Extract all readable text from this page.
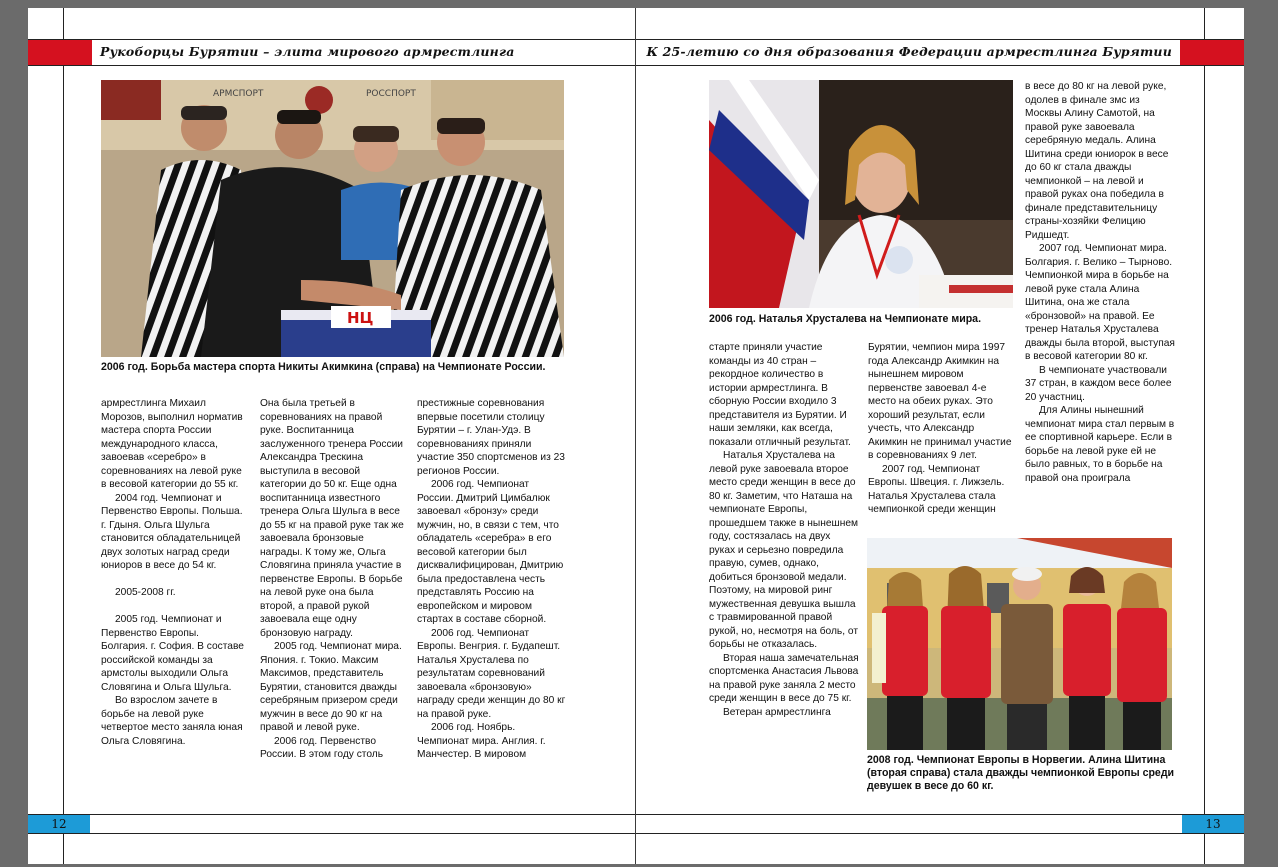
Рукоборцы Бурятии – элита мирового армрестлинга
АРМСПОРТ	РОССПОРТ
НЦ
2006 год. Борьба мастера спорта Никиты Акимкина (справа) на Чемпионате России.

армрестлинга Михаил Морозов, выполнил норматив мастера спорта России международного класса, завоевав «серебро» в соревнованиях на левой руке в весовой категории до 55 кг.

2004 год. Чемпионат и Первенство Европы. Польша. г. Гдыня. Ольга Шульга становится обладательницей двух золотых наград среди юниоров в весе до 54 кг.

2005-2008 гг.

2005 год. Чемпионат и Первенство Европы. Болгария. г. София. В составе российской команды за армстолы выходили Ольга Словягина и Ольга Шульга.

Во взрослом зачете в борьбе на левой руке четвертое место заняла юная Ольга Словягина.

Она была третьей в соревнованиях на правой руке. Воспитанница заслуженного тренера России Александра Трескина выступила в весовой категории до 50 кг. Еще одна воспитанница известного тренера Ольга Шульга в весе до 55 кг на правой руке так же завоевала бронзовые награды. К тому же, Ольга Словягина приняла участие в первенстве Европы. В борьбе на левой руке она была второй, а правой рукой завоевала еще одну бронзовую награду.

2005 год. Чемпионат мира. Япония. г. Токио. Максим Максимов, представитель Бурятии, становится дважды серебряным призером среди мужчин в весе до 90 кг на правой и левой руке.

2006 год. Первенство России. В этом году столь

престижные соревнования впервые посетили столицу Бурятии – г. Улан-Удэ. В соревнованиях приняли участие 350 спортсменов из 23 регионов России.

2006 год. Чемпионат России. Дмитрий Цимбалюк завоевал «бронзу» среди мужчин, но, в связи с тем, что обладатель «серебра» в его весовой категории был дисквалифицирован, Дмитрию была предоставлена честь представлять Россию на европейском и мировом стартах в составе сборной.

2006 год. Чемпионат Европы. Венгрия. г. Будапешт. Наталья Хрусталева по результатам соревнований завоевала «бронзовую» награду среди женщин до 80 кг на правой руке.

2006 год. Ноябрь. Чемпионат мира. Англия. г. Манчестер. В мировом

12
К 25-летию со дня образования Федерации армрестлинга Бурятии
2006 год. Наталья Хрусталева на Чемпионате мира.

старте приняли участие команды из 40 стран – рекордное количество в истории армрестлинга. В сборную России входило 3 представителя из Бурятии. И наши земляки, как всегда, показали отличный результат.

Наталья Хрусталева на левой руке завоевала второе место среди женщин в весе до 80 кг. Заметим, что Наташа на чемпионате Европы, прошедшем также в нынешнем году, состязалась на двух руках и серьезно повредила правую, сумев, однако, добиться бронзовой медали. Поэтому, на мировой ринг мужественная девушка вышла с травмированной правой рукой, но, несмотря на боль, от борьбы не отказалась.

Вторая наша замечательная спортсменка Анастасия Львова на правой руке заняла 2 место среди женщин в весе до 75 кг.

Ветеран армрестлинга

Бурятии, чемпион мира 1997 года Александр Акимкин на нынешнем мировом первенстве завоевал 4-е место на обеих руках. Это хороший результат, если учесть, что Александр Акимкин не принимал участие в соревнованиях 9 лет.

2007 год. Чемпионат Европы. Швеция. г. Лижзель. Наталья Хрусталева стала чемпионкой среди женщин

в весе до 80 кг на левой руке, одолев в финале змс из Москвы Алину Самотой, на правой руке завоевала серебряную медаль. Алина Шитина среди юниорок в весе до 60 кг стала дважды чемпионкой – на левой и правой руках она победила в финале представительницу страны-хозяйки Фелицию Ридшедт.

2007 год. Чемпионат мира. Болгария. г. Велико – Тырново. Чемпионкой мира в борьбе на левой руке стала Алина Шитина, она же стала «бронзовой» на правой. Ее тренер Наталья Хрусталева дважды была второй, выступая в весовой категории 80 кг.

В чемпионате участвовали 37 стран, в каждом весе более 20 участниц.

Для Алины нынешний чемпионат мира стал первым в ее спортивной карьере. Если в борьбе на левой руке ей не было равных, то в борьбе на правой она проиграла

2008 год. Чемпионат Европы в Норвегии. Алина Шитина (вторая справа) стала дважды чемпионкой Европы среди девушек в весе до 60 кг.
13
